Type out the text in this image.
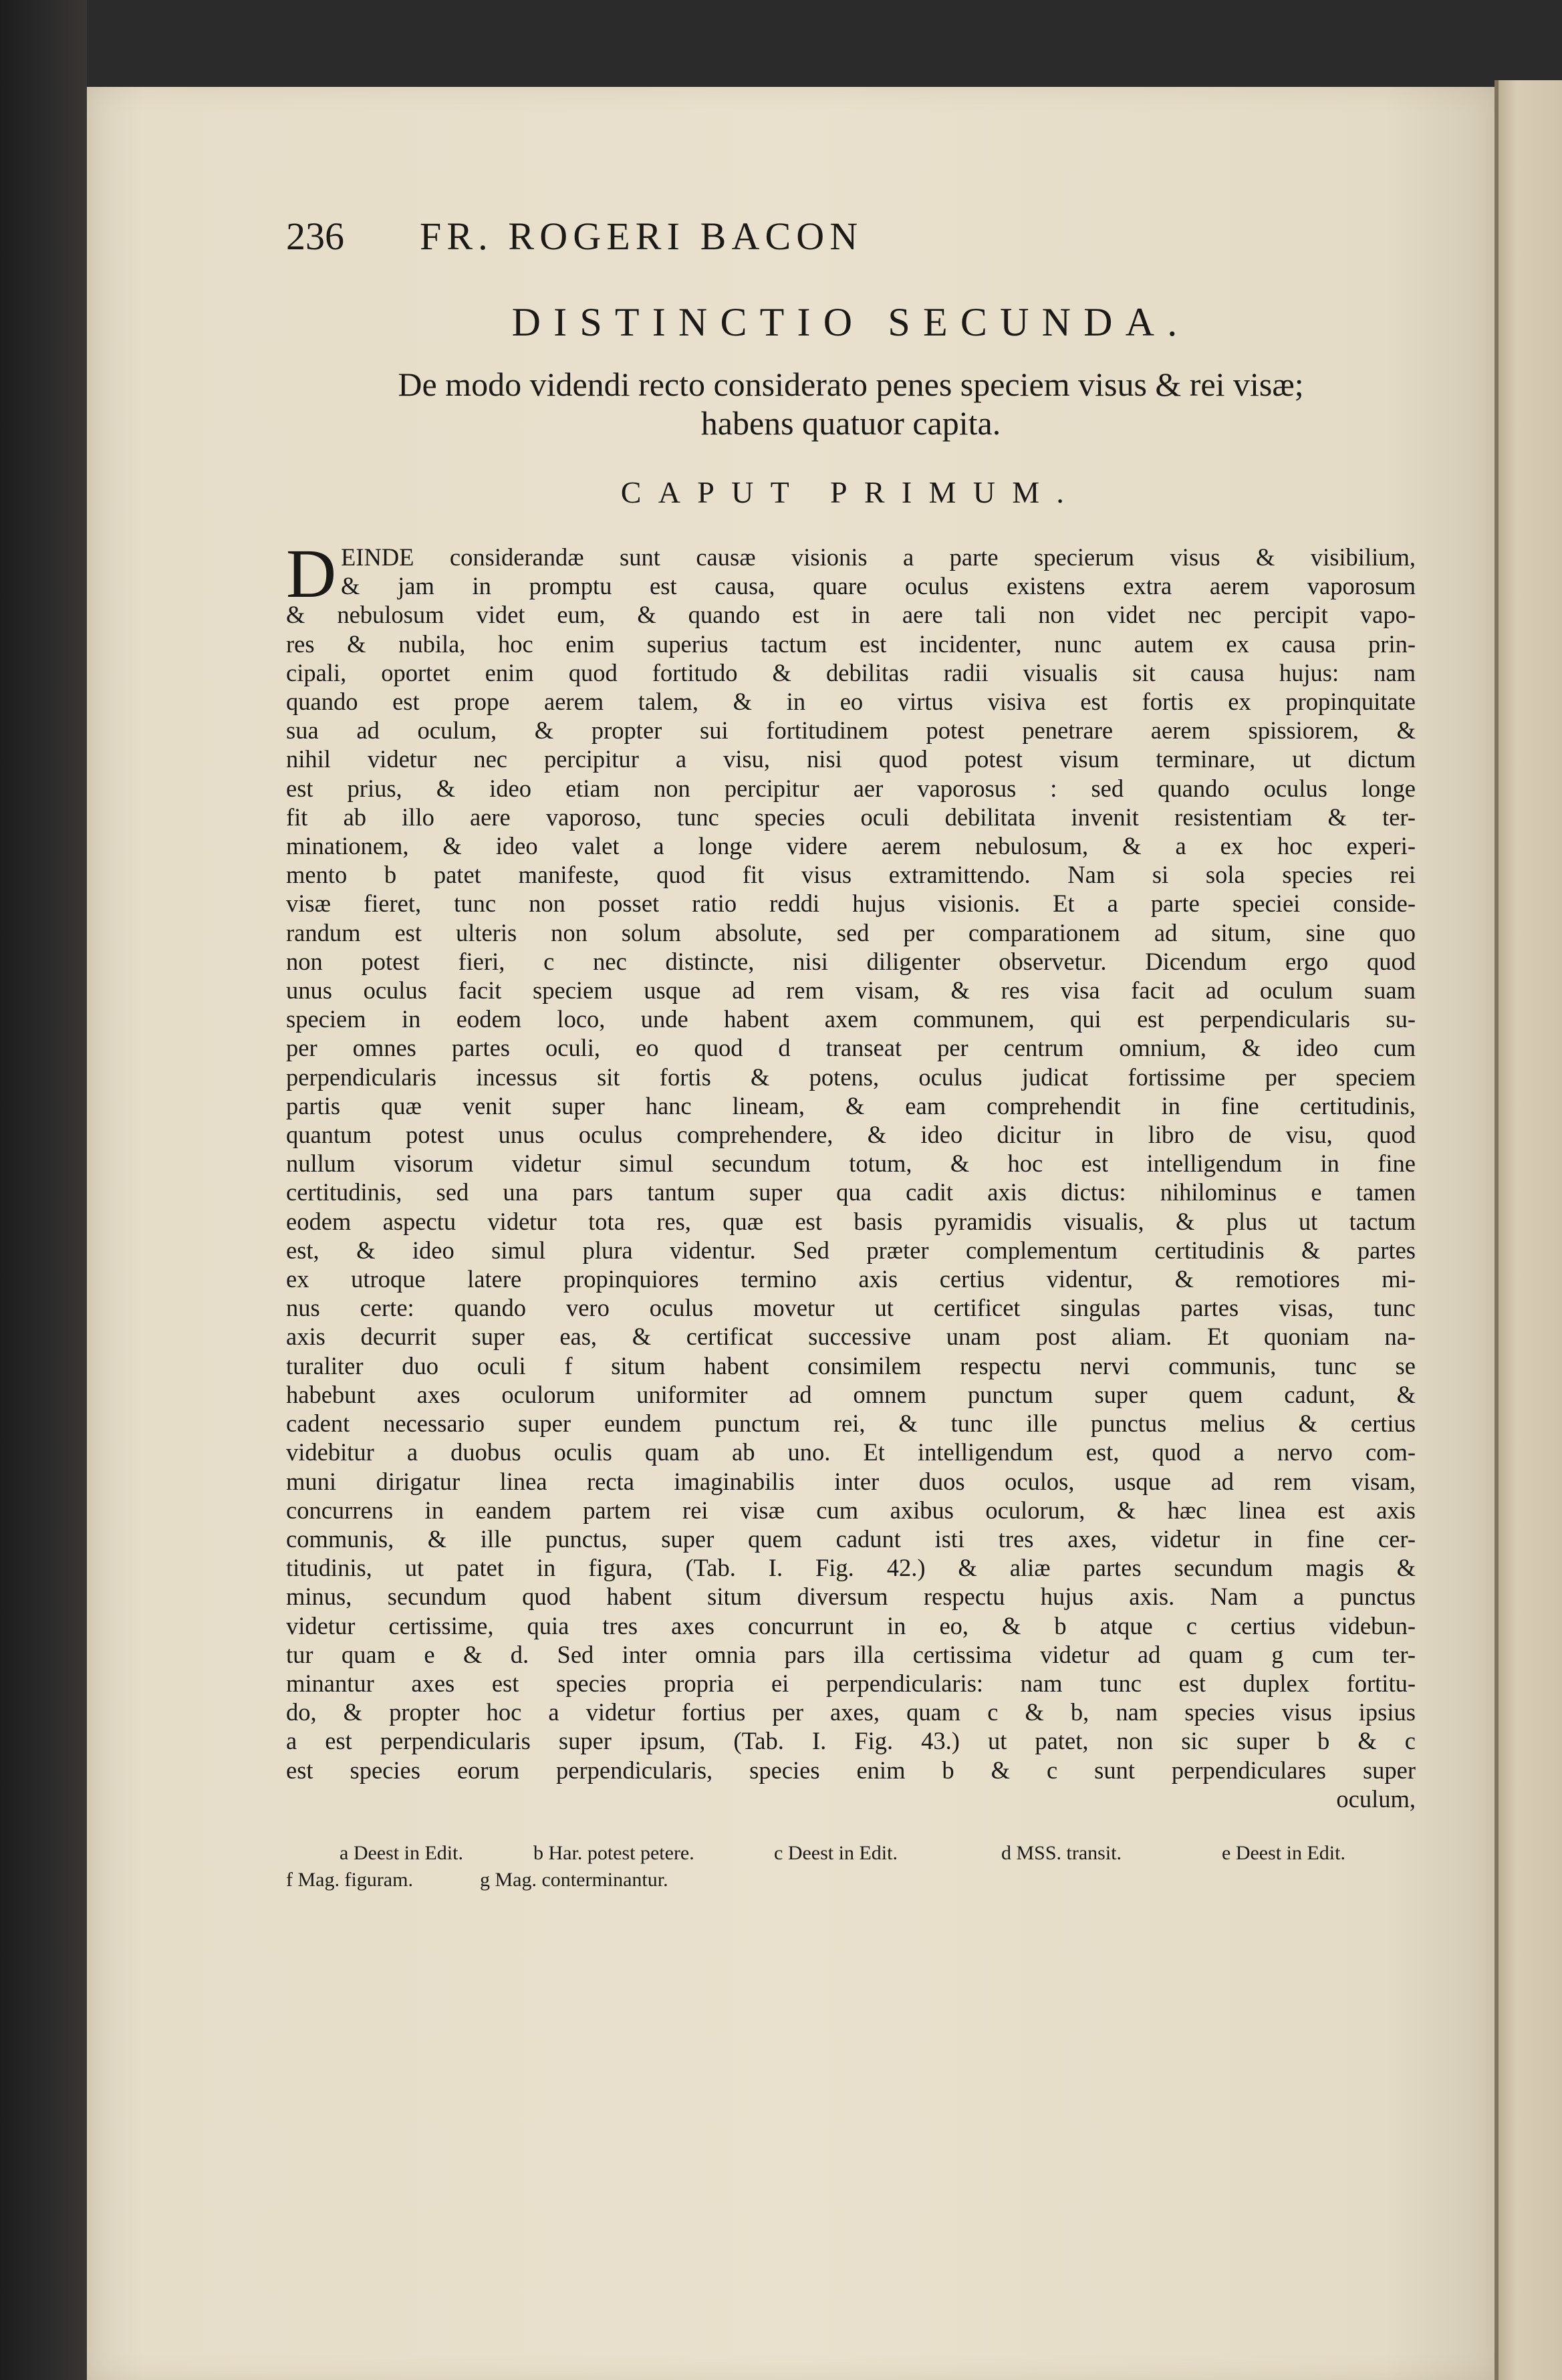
236	FR. ROGERI BACON
DISTINCTIO SECUNDA.
De modo videndi recto considerato penes speciem visus & rei visæ;
habens quatuor capita.
CAPUT PRIMUM.
D EINDE considerandæ sunt causæ visionis a parte specierum visus & visibilium,
& jam in promptu est causa, quare oculus existens extra aerem vaporosum
& nebulosum videt eum, & quando est in aere tali non videt nec percipit vapo-
res & nubila, hoc enim superius tactum est incidenter, nunc autem ex causa prin-
cipali, oportet enim quod fortitudo & debilitas radii visualis sit causa hujus: nam
quando est prope aerem talem, & in eo virtus visiva est fortis ex propinquitate
sua ad oculum, & propter sui fortitudinem potest penetrare aerem spissiorem, &
nihil videtur nec percipitur a visu, nisi quod potest visum terminare, ut dictum
est prius, & ideo etiam non percipitur aer vaporosus : sed quando oculus longe
fit ab illo aere vaporoso, tunc species oculi debilitata invenit resistentiam & ter-
minationem, & ideo valet a longe videre aerem nebulosum, & a ex hoc experi-
mento b patet manifeste, quod fit visus extramittendo. Nam si sola species rei
visæ fieret, tunc non posset ratio reddi hujus visionis. Et a parte speciei conside-
randum est ulteris non solum absolute, sed per comparationem ad situm, sine quo
non potest fieri, c nec distincte, nisi diligenter observetur. Dicendum ergo quod
unus oculus facit speciem usque ad rem visam, & res visa facit ad oculum suam
speciem in eodem loco, unde habent axem communem, qui est perpendicularis su-
per omnes partes oculi, eo quod d transeat per centrum omnium, & ideo cum
perpendicularis incessus sit fortis & potens, oculus judicat fortissime per speciem
partis quæ venit super hanc lineam, & eam comprehendit in fine certitudinis,
quantum potest unus oculus comprehendere, & ideo dicitur in libro de visu, quod
nullum visorum videtur simul secundum totum, & hoc est intelligendum in fine
certitudinis, sed una pars tantum super qua cadit axis dictus: nihilominus e tamen
eodem aspectu videtur tota res, quæ est basis pyramidis visualis, & plus ut tactum
est, & ideo simul plura videntur. Sed præter complementum certitudinis & partes
ex utroque latere propinquiores termino axis certius videntur, & remotiores mi-
nus certe: quando vero oculus movetur ut certificet singulas partes visas, tunc
axis decurrit super eas, & certificat successive unam post aliam. Et quoniam na-
turaliter duo oculi f situm habent consimilem respectu nervi communis, tunc se
habebunt axes oculorum uniformiter ad omnem punctum super quem cadunt, &
cadent necessario super eundem punctum rei, & tunc ille punctus melius & certius
videbitur a duobus oculis quam ab uno. Et intelligendum est, quod a nervo com-
muni dirigatur linea recta imaginabilis inter duos oculos, usque ad rem visam,
concurrens in eandem partem rei visæ cum axibus oculorum, & hæc linea est axis
communis, & ille punctus, super quem cadunt isti tres axes, videtur in fine cer-
titudinis, ut patet in figura, (Tab. I. Fig. 42.) & aliæ partes secundum magis &
minus, secundum quod habent situm diversum respectu hujus axis. Nam a punctus
videtur certissime, quia tres axes concurrunt in eo, & b atque c certius videbun-
tur quam e & d. Sed inter omnia pars illa certissima videtur ad quam g cum ter-
minantur axes est species propria ei perpendicularis: nam tunc est duplex fortitu-
do, & propter hoc a videtur fortius per axes, quam c & b, nam species visus ipsius
a est perpendicularis super ipsum, (Tab. I. Fig. 43.) ut patet, non sic super b & c
est species eorum perpendicularis, species enim b & c sunt perpendiculares super
oculum,
a Deest in Edit.	b Har. potest petere.	c Deest in Edit.	d MSS. transit.	e Deest in Edit.
f Mag. figuram.	g Mag. conterminantur.
